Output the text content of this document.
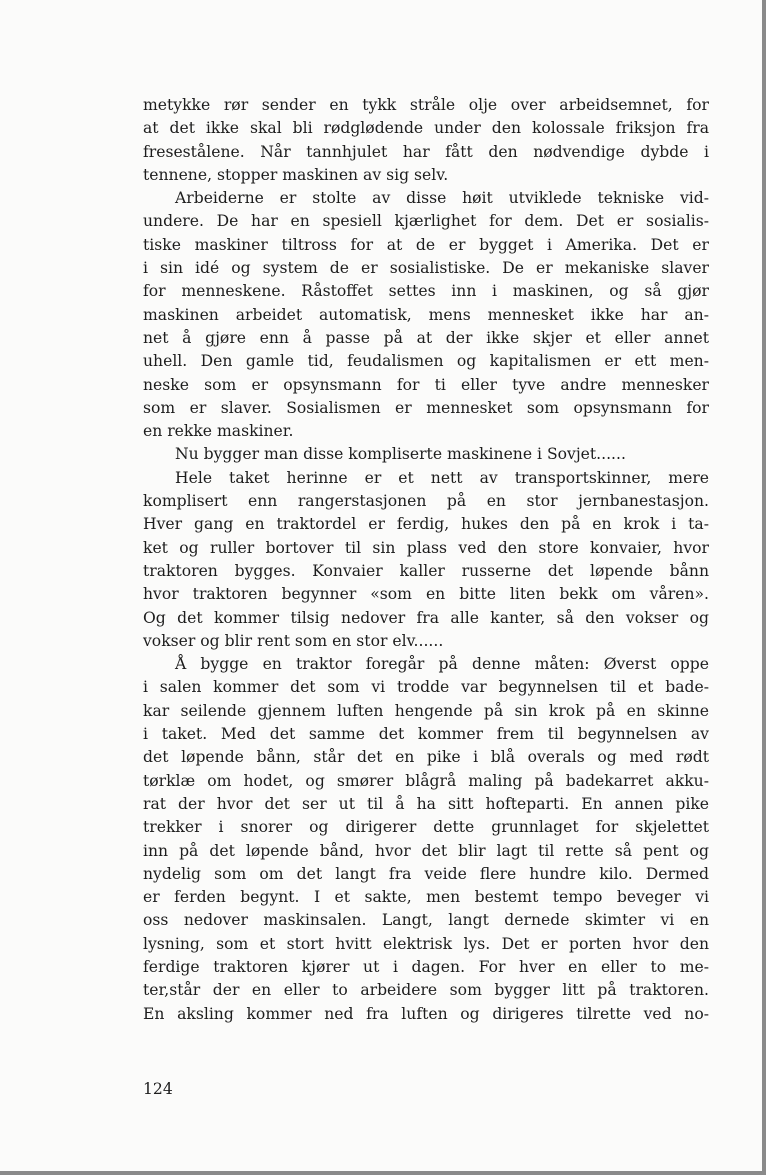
metykke rør sender en tykk stråle olje over arbeidsemnet, for
at det ikke skal bli rødglødende under den kolossale friksjon fra
fresestålene. Når tannhjulet har fått den nødvendige dybde i
tennene, stopper maskinen av sig selv.

Arbeiderne er stolte av disse høit utviklede tekniske vid-
undere. De har en spesiell kjærlighet for dem. Det er sosialis-
tiske maskiner tiltross for at de er bygget i Amerika. Det er
i sin idé og system de er sosialistiske. De er mekaniske slaver
for menneskene. Råstoffet settes inn i maskinen, og så gjør
maskinen arbeidet automatisk, mens mennesket ikke har an-
net å gjøre enn å passe på at der ikke skjer et eller annet
uhell. Den gamle tid, feudalismen og kapitalismen er ett men-
neske som er opsynsmann for ti eller tyve andre mennesker
som er slaver. Sosialismen er mennesket som opsynsmann for
en rekke maskiner.

Nu bygger man disse kompliserte maskinene i Sovjet......

Hele taket herinne er et nett av transportskinner, mere
komplisert enn rangerstasjonen på en stor jernbanestasjon.
Hver gang en traktordel er ferdig, hukes den på en krok i ta-
ket og ruller bortover til sin plass ved den store konvaier, hvor
traktoren bygges. Konvaier kaller russerne det løpende bånn
hvor traktoren begynner «som en bitte liten bekk om våren».
Og det kommer tilsig nedover fra alle kanter, så den vokser og
vokser og blir rent som en stor elv......

Å bygge en traktor foregår på denne måten: Øverst oppe
i salen kommer det som vi trodde var begynnelsen til et bade-
kar seilende gjennem luften hengende på sin krok på en skinne
i taket. Med det samme det kommer frem til begynnelsen av
det løpende bånn, står det en pike i blå overals og med rødt
tørklæ om hodet, og smører blågrå maling på badekarret akku-
rat der hvor det ser ut til å ha sitt hofteparti. En annen pike
trekker i snorer og dirigerer dette grunnlaget for skjelettet
inn på det løpende bånd, hvor det blir lagt til rette så pent og
nydelig som om det langt fra veide flere hundre kilo. Dermed
er ferden begynt. I et sakte, men bestemt tempo beveger vi
oss nedover maskinsalen. Langt, langt dernede skimter vi en
lysning, som et stort hvitt elektrisk lys. Det er porten hvor den
ferdige traktoren kjører ut i dagen. For hver en eller to me-
ter,står der en eller to arbeidere som bygger litt på traktoren.
En aksling kommer ned fra luften og dirigeres tilrette ved no-

124
